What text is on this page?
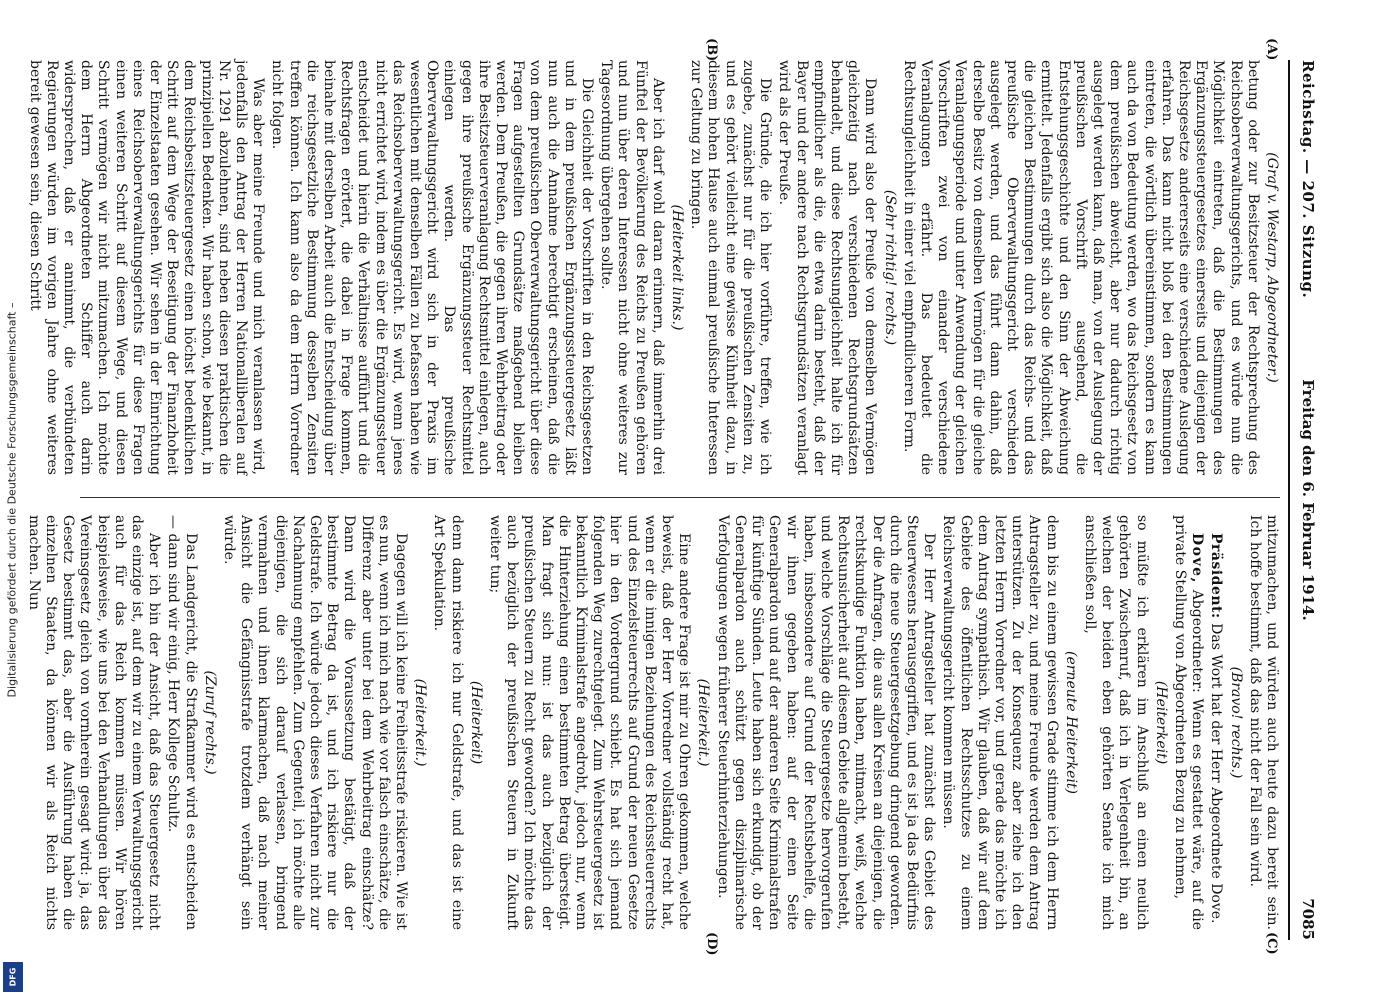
Digitalisierung gefördert durch die Deutsche Forschungsgemeinschaft –
DFG
Reichstag. — 207. Sitzung.
Freitag den 6. Februar 1914.
7085
(A)
(B)
(C)
(D)

(Graf v. Westarp, Abgeordneter.)

betung oder zur Besitzsteuer der Rechtsprechung des Reichsoberverwaltungsgerichts, und es würde nun die Möglichkeit eintreten, daß die Bestimmungen des Ergänzungssteuergesetzes einerseits und diejenigen der Reichsgesetze andererseits eine verschiedene Auslegung erfahren. Das kann nicht bloß bei den Bestimmungen eintreten, die wörtlich übereinstimmen, sondern es kann auch da von Bedeutung werden, wo das Reichsgesetz von dem preußischen abweicht, aber nur dadurch richtig ausgelegt werden kann, daß man, von der Auslegung der preußischen Vorschrift ausgehend, die Entstehungsgeschichte und den Sinn der Abweichung ermittelt. Jedenfalls ergibt sich also die Möglichkeit, daß die gleichen Bestimmungen durch das Reichs- und das preußische Oberverwaltungsgericht verschieden ausgelegt werden, und das führt dann dahin, daß derselbe Besitz von demselben Vermögen für die gleiche Veranlagungsperiode und unter Anwendung der gleichen Vorschriften zwei von einander verschiedene Veranlagungen erfährt. Das bedeutet die Rechtsungleichheit in einer viel empfindlicheren Form.

(Sehr richtig! rechts.)

Dann wird also der Preuße von demselben Vermögen gleichzeitig nach verschiedenen Rechtsgrundsätzen behandelt, und diese Rechtsungleichheit halte ich für empfindlicher als die, die etwa darin besteht, daß der Bayer und der andere nach Rechtsgrundsätzen veranlagt wird als der Preuße.

Die Gründe, die ich hier vorführe, treffen, wie ich zugebe, zunächst nur für die preußischen Zensiten zu, und es gehört vielleicht eine gewisse Kühnheit dazu, in diesem hohen Hause auch einmal preußische Interessen zur Geltung zu bringen.

(Heiterkeit links.)

Aber ich darf wohl daran erinnern, daß immerhin drei Fünftel der Bevölkerung des Reichs zu Preußen gehören und nun über deren Interessen nicht ohne weiteres zur Tagesordnung übergehen sollte.

Die Gleichheit der Vorschriften in den Reichsgesetzen und in dem preußischen Ergänzungssteuergesetz läßt nun auch die Annahme berechtigt erscheinen, daß die von dem preußischen Oberverwaltungsgericht über diese Fragen aufgestellten Grundsätze maßgebend bleiben werden. Dem Preußen, die gegen ihren Wehrbeitrag oder ihre Besitzsteuerveranlagung Rechtsmittel einlegen, auch gegen ihre preußische Ergänzungssteuer Rechtsmittel einlegen werden. Das preußische Oberverwaltungsgericht wird sich in der Praxis im wesentlichen mit denselben Fällen zu befassen haben wie das Reichsoberverwaltungsgericht. Es wird, wenn jenes nicht errichtet wird, indem es über die Ergänzungssteuer entscheidet und hierin die Verhältnisse aufführt und die Rechtsfragen erörtert, die dabei in Frage kommen, beinahe mit derselben Arbeit auch die Entscheidung über die reichsgesetzliche Bestimmung desselben Zensiten treffen können. Ich kann also da dem Herrn Vorredner nicht folgen.

Was aber meine Freunde und mich veranlassen wird, jedenfalls den Antrag der Herren Nationalliberalen auf Nr. 1291 abzulehnen, sind neben diesen praktischen die prinzipiellen Bedenken. Wir haben schon, wie bekannt, in dem Reichsbesitzsteuergesetz einen höchst bedenklichen Schritt auf dem Wege der Beseitigung der Finanzhoheit der Einzelstaaten gesehen. Wir sehen in der Einrichtung eines Reichsoberverwaltungsgerichts für diese Fragen einen weiteren Schritt auf diesem Wege, und diesen Schritt vermögen wir nicht mitzumachen. Ich möchte dem Herrn Abgeordneten Schiffer auch darin widersprechen, daß er annimmt, die verbündeten Regierungen würden im vorigen Jahre ohne weiteres bereit gewesen sein, diesen Schritt

mitzumachen, und würden auch heute dazu bereit sein. Ich hoffe bestimmt, daß das nicht der Fall sein wird.

(Bravo! rechts.)

Präsident: Das Wort hat der Herr Abgeordnete Dove.

Dove, Abgeordneter: Wenn es gestattet wäre, auf die private Stellung von Abgeordneten Bezug zu nehmen,

(Heiterkeit)

so müßte ich erklären im Anschluß an einen neulich gehörten Zwischenruf, daß ich in Verlegenheit bin, an welchen der beiden eben gehörten Senate ich mich anschließen soll,

(erneute Heiterkeit)

denn bis zu einem gewissen Grade stimme ich dem Herrn Antragsteller zu, und meine Freunde werden dem Antrag unterstützen. Zu der Konsequenz aber ziehe ich den letzten Herrn Vorredner vor, und gerade das möchte ich dem Antrag sympathisch. Wir glauben, daß wir auf dem Gebiete des öffentlichen Rechtsschutzes zu einem Reichsverwaltungsgericht kommen müssen.

Der Herr Antragsteller hat zunächst das Gebiet des Steuerwesens herausgegriffen, und es ist ja das Bedürfnis durch die neue Steuergesetzgebung dringend geworden. Der die Anfragen, die aus allen Kreisen an diejenigen, die rechtskundige Funktion haben, mitmacht, weiß, welche Rechtsunsicherheit auf diesem Gebiete allgemein besteht, und welche Vorschläge die Steuergesetze hervorgerufen haben, insbesondere auf Grund der Rechtsbehelfe, die wir ihnen gegeben haben: auf der einen Seite Generalpardon und auf der anderen Seite Kriminalstrafen für künftige Sünden. Leute haben sich erkundigt, ob der Generalpardon auch schützt gegen disziplinarische Verfolgungen wegen früherer Steuerhinterziehungen.

(Heiterkeit.)

Eine andere Frage ist mir zu Ohren gekommen, welche beweist, daß der Herr Vorredner vollständig recht hat, wenn er die innigen Beziehungen des Reichssteuerrechts und des Einzelsteuerrechts auf Grund der neuen Gesetze hier in den Vordergrund schiebt. Es hat sich jemand folgenden Weg zurechtgelegt. Zum Wehrsteuergesetz ist bekanntlich Kriminalstrafe angedroht, jedoch nur, wenn die Hinterziehung einen bestimmten Betrag übersteigt. Man fragt sich nun: ist das auch bezüglich der preußischen Steuern zu Recht geworden? Ich möchte das auch bezüglich der preußischen Steuern in Zukunft weiter tun;

(Heiterkeit)

denn dann riskiere ich nur Geldstrafe, und das ist eine Art Spekulation.

(Heiterkeit.)

Dagegen will ich keine Freiheitsstrafe riskieren. Wie ist es nun, wenn ich mich nach wie vor falsch einschätze, die Differenz aber unter bei dem Wehrbeitrag einschätze? Dann wird die Voraussetzung bestätigt, daß der bestimmte Betrag da ist, und ich riskiere nur die Geldstrafe. Ich würde jedoch dieses Verfahren nicht zur Nachahmung empfehlen. Zum Gegenteil, ich möchte alle diejenigen, die sich darauf verlassen, bringend vermahnen und ihnen klarmachen, daß nach meiner Ansicht die Gefängnisstrafe trotzdem verhängt sein würde.

(Zuruf rechts.)

Das Landgericht, die Strafkammer wird es entscheiden — dann sind wir einig, Herr Kollege Schultz.

Aber ich bin der Ansicht, daß das Steuergesetz nicht das einzige ist, auf dem wir zu einem Verwaltungsgericht auch für das Reich kommen müssen. Wir hören beispielsweise, wie uns bei den Verhandlungen über das Vereinsgesetz gleich von vornherein gesagt wird: ja, das Gesetz bestimmt das, aber die Ausführung haben die einzelnen Staaten, da können wir als Reich nichts machen. Nun
